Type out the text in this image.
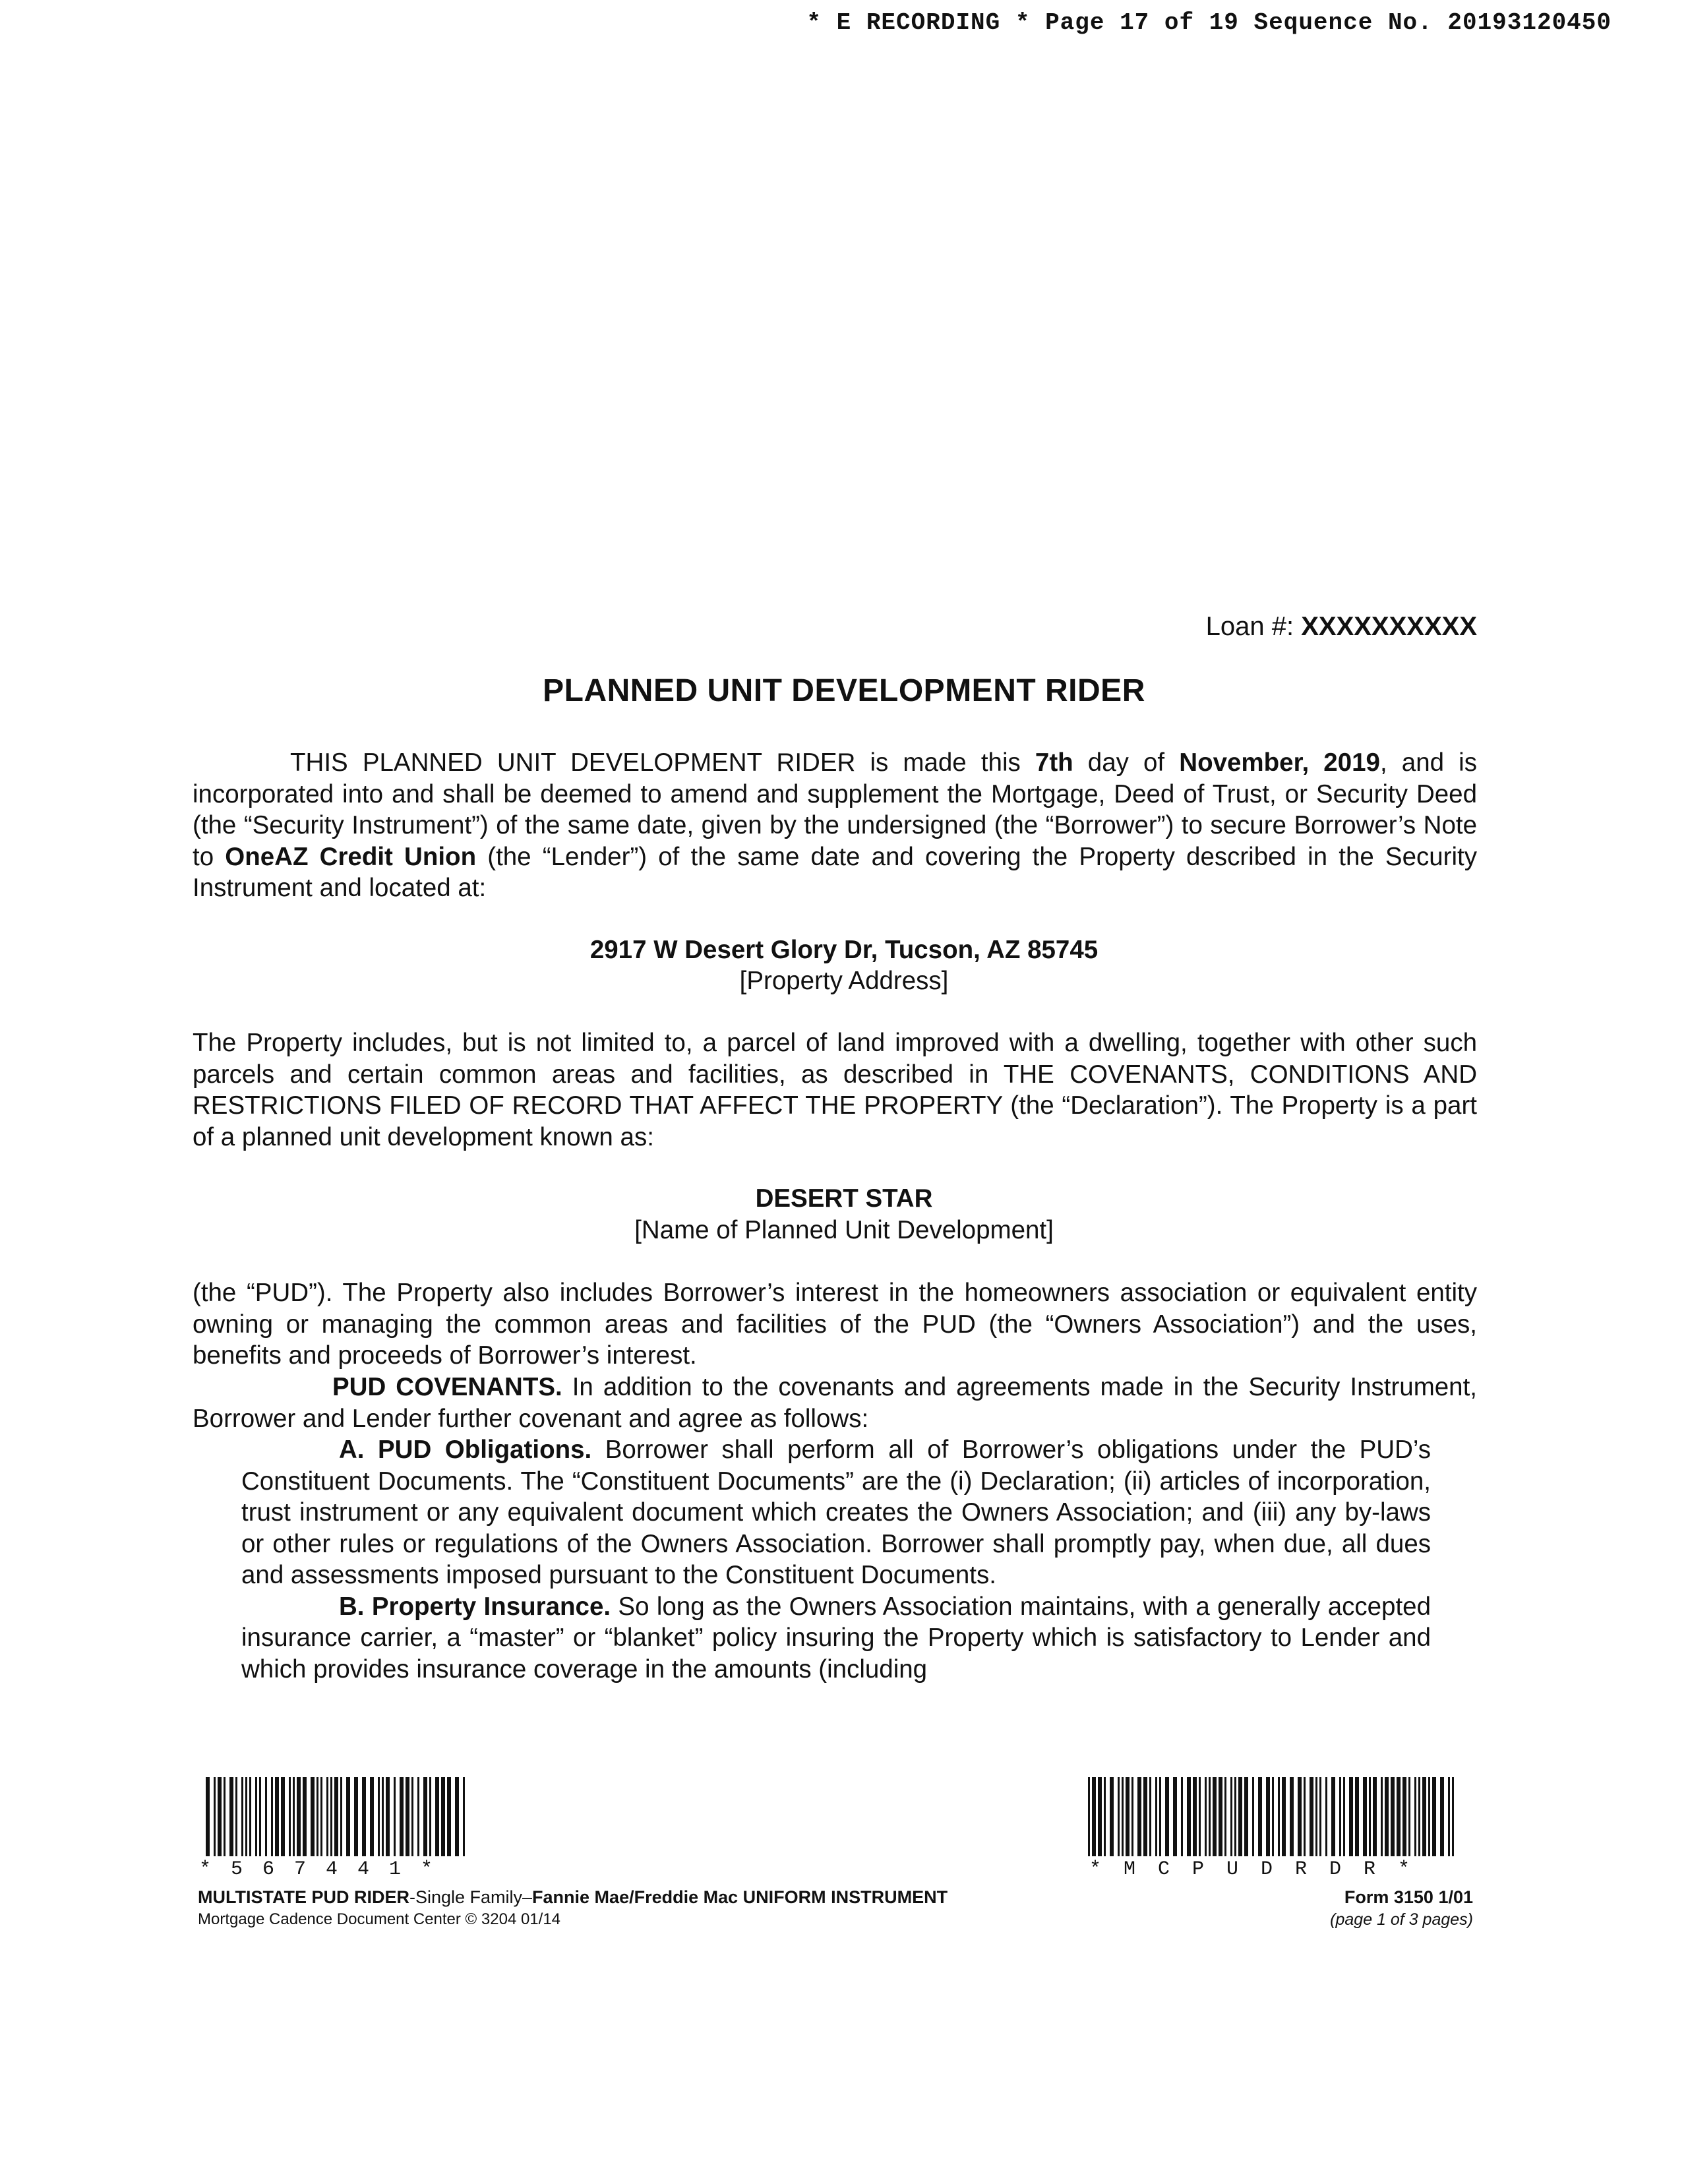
* E RECORDING * Page 17 of 19 Sequence No. 20193120450
Loan #: XXXXXXXXXX
PLANNED UNIT DEVELOPMENT RIDER

THIS PLANNED UNIT DEVELOPMENT RIDER is made this 7th day of November, 2019, and is incorporated into and shall be deemed to amend and supplement the Mortgage, Deed of Trust, or Security Deed (the “Security Instrument”) of the same date, given by the undersigned (the “Borrower”) to secure Borrower’s Note to OneAZ Credit Union (the “Lender”) of the same date and covering the Property described in the Security Instrument and located at:

2917 W Desert Glory Dr, Tucson, AZ 85745
[Property Address]

The Property includes, but is not limited to, a parcel of land improved with a dwelling, together with other such parcels and certain common areas and facilities, as described in THE COVENANTS, CONDITIONS AND RESTRICTIONS FILED OF RECORD THAT AFFECT THE PROPERTY (the “Declaration”). The Property is a part of a planned unit development known as:

DESERT STAR
[Name of Planned Unit Development]

(the “PUD”). The Property also includes Borrower’s interest in the homeowners association or equivalent entity owning or managing the common areas and facilities of the PUD (the “Owners Association”) and the uses, benefits and proceeds of Borrower’s interest.

PUD COVENANTS. In addition to the covenants and agreements made in the Security Instrument, Borrower and Lender further covenant and agree as follows:

A. PUD Obligations. Borrower shall perform all of Borrower’s obligations under the PUD’s Constituent Documents. The “Constituent Documents” are the (i) Declaration; (ii) articles of incorporation, trust instrument or any equivalent document which creates the Owners Association; and (iii) any by-laws or other rules or regulations of the Owners Association. Borrower shall promptly pay, when due, all dues and assessments imposed pursuant to the Constituent Documents.

B. Property Insurance. So long as the Owners Association maintains, with a generally accepted insurance carrier, a “master” or “blanket” policy insuring the Property which is satisfactory to Lender and which provides insurance coverage in the amounts (including

*567441*	*MCPUDRDR*
MULTISTATE PUD RIDER-Single Family–Fannie Mae/Freddie Mac UNIFORM INSTRUMENT
Mortgage Cadence Document Center © 3204 01/14
Form 3150 1/01
(page 1 of 3 pages)
